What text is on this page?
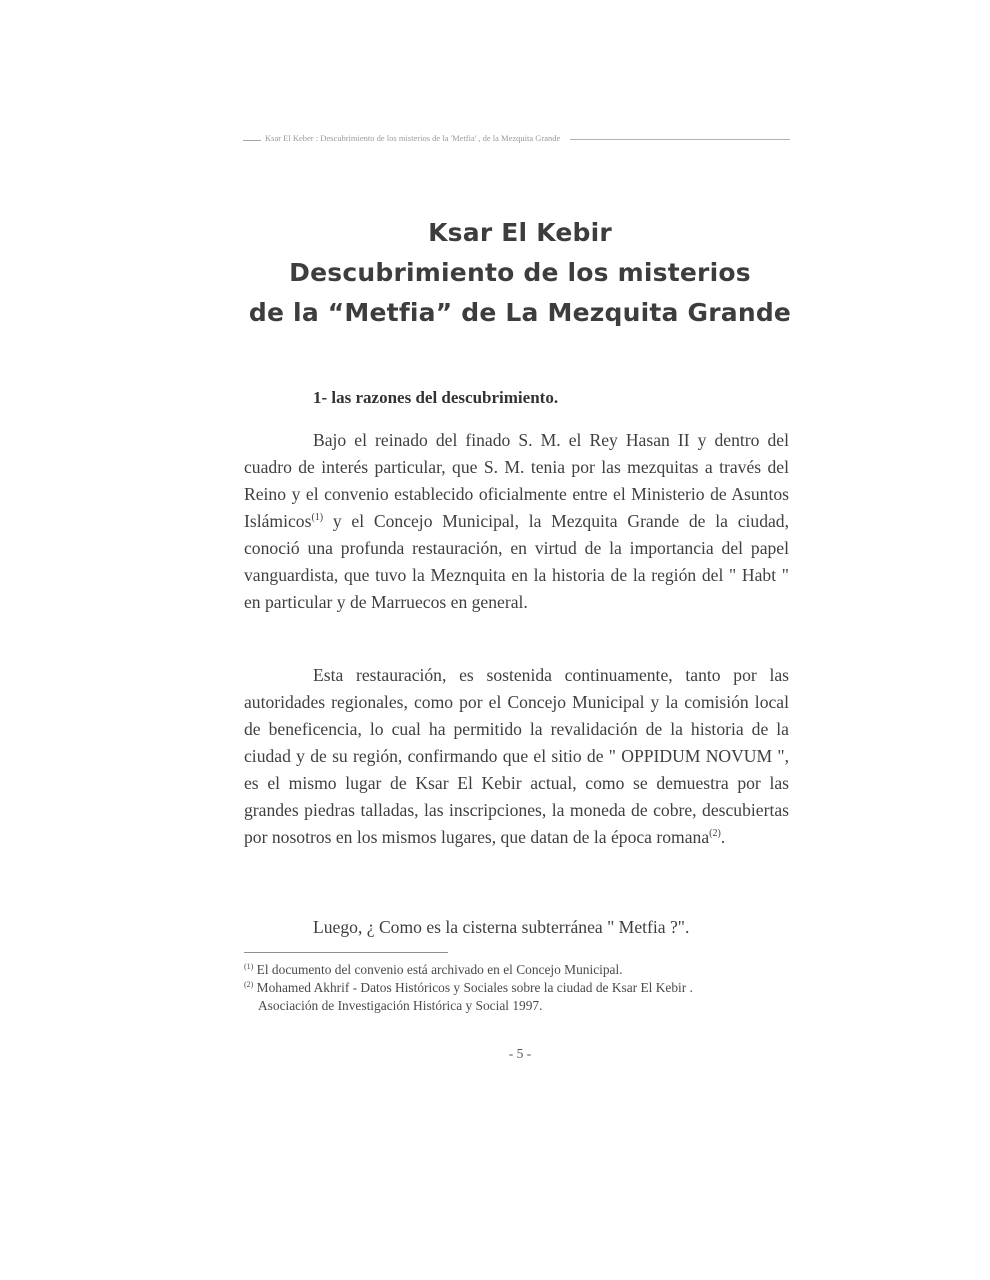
Ksar El Keber : Descubrimiento de los misterios de la 'Metfia' , de la Mezquita Grande
Ksar El Kebir
Descubrimiento de los misterios
de la “Metfia” de La Mezquita Grande
1- las razones del descubrimiento.

Bajo el reinado del finado S. M. el Rey Hasan II y dentro del cuadro de interés particular, que S. M. tenia por las mezquitas a través del Reino y el convenio establecido oficialmente entre el Ministerio de Asuntos Islámicos$^{(1)}$ y el Concejo Municipal, la Mezquita Grande de la ciudad, conoció una profunda restauración, en virtud de la importancia del papel vanguardista, que tuvo la Meznquita en la historia de la región del " Habt " en particular y de Marruecos en general.

Esta restauración, es sostenida continuamente, tanto por las autoridades regionales, como por el Concejo Municipal y la comisión local de beneficencia, lo cual ha permitido la revalidación de la historia de la ciudad y de su región, confirmando que el sitio de " OPPIDUM NOVUM ", es el mismo lugar de Ksar El Kebir actual, como se demuestra por las grandes piedras talladas, las inscripciones, la moneda de cobre, descubiertas por nosotros en los mismos lugares, que datan de la época romana$^{(2)}$.

Luego, ¿ Como es la cisterna subterránea " Metfia ?".

$^{(1)}$ El documento del convenio está archivado en el Concejo Municipal.

$^{(2)}$ Mohamed Akhrif - Datos Históricos y Sociales sobre la ciudad de Ksar El Kebir .

Asociación de Investigación Histórica y Social 1997.

- 5 -
